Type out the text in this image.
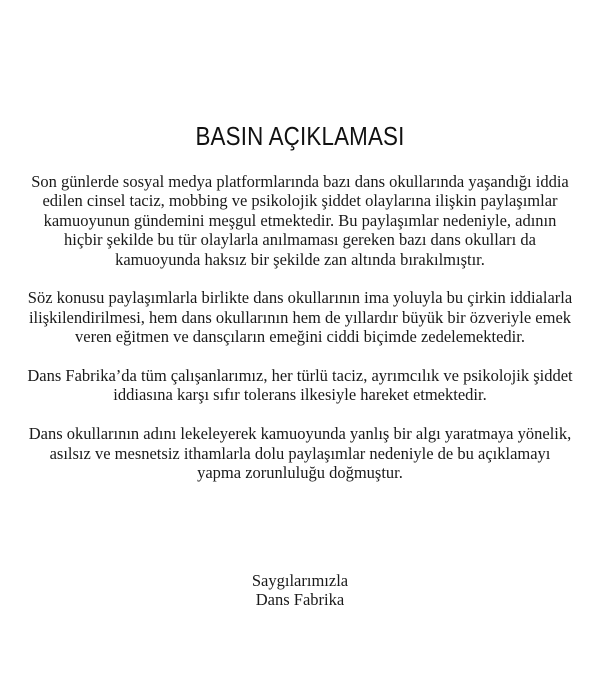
BASIN AÇIKLAMASI

Son günlerde sosyal medya platformlarında bazı dans okullarında yaşandığı iddia edilen cinsel taciz, mobbing ve psikolojik şiddet olaylarına ilişkin paylaşımlar kamuoyunun gündemini meşgul etmektedir. Bu paylaşımlar nedeniyle, adının hiçbir şekilde bu tür olaylarla anılmaması gereken bazı dans okulları da kamuoyunda haksız bir şekilde zan altında bırakılmıştır.

Söz konusu paylaşımlarla birlikte dans okullarının ima yoluyla bu çirkin iddialarla ilişkilendirilmesi, hem dans okullarının hem de yıllardır büyük bir özveriyle emek veren eğitmen ve dansçıların emeğini ciddi biçimde zedelemektedir.

Dans Fabrika’da tüm çalışanlarımız, her türlü taciz, ayrımcılık ve psikolojik şiddet iddiasına karşı sıfır tolerans ilkesiyle hareket etmektedir.

Dans okullarının adını lekeleyerek kamuoyunda yanlış bir algı yaratmaya yönelik, asılsız ve mesnetsiz ithamlarla dolu paylaşımlar nedeniyle de bu açıklamayı yapma zorunluluğu doğmuştur.

Saygılarımızla
Dans Fabrika
